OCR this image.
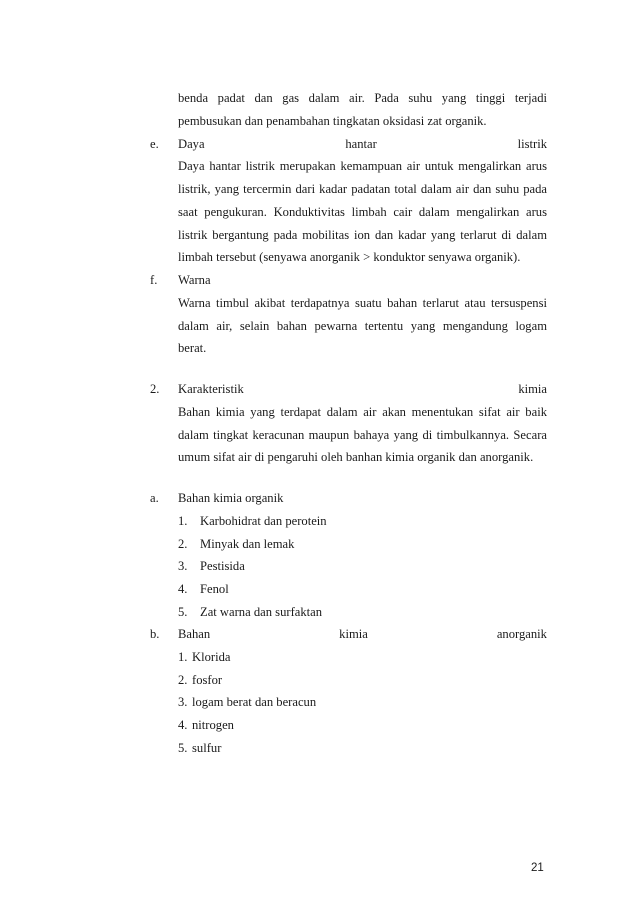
benda padat dan gas dalam air. Pada suhu yang tinggi terjadi
pembusukan dan penambahan tingkatan oksidasi zat organik.
e. Daya	hantar	listrik
Daya hantar listrik merupakan kemampuan air untuk mengalirkan arus
listrik, yang tercermin dari kadar padatan total dalam air dan suhu pada
saat pengukuran. Konduktivitas limbah cair dalam mengalirkan arus
listrik bergantung pada mobilitas ion dan kadar yang terlarut di dalam
limbah tersebut (senyawa anorganik > konduktor senyawa organik).
f. Warna
Warna timbul akibat terdapatnya suatu bahan terlarut atau tersuspensi
dalam air, selain bahan pewarna tertentu yang mengandung logam
berat.
2. Karakteristik	kimia
Bahan kimia yang terdapat dalam air akan menentukan sifat air baik
dalam tingkat keracunan maupun bahaya yang di timbulkannya. Secara
umum sifat air di pengaruhi oleh banhan kimia organik dan anorganik.
a. Bahan kimia organik
1. Karbohidrat dan perotein
2. Minyak dan lemak
3. Pestisida
4. Fenol
5. Zat warna dan surfaktan
b. Bahan	kimia	anorganik
1. Klorida
2. fosfor
3. logam berat dan beracun
4. nitrogen
5. sulfur
21
